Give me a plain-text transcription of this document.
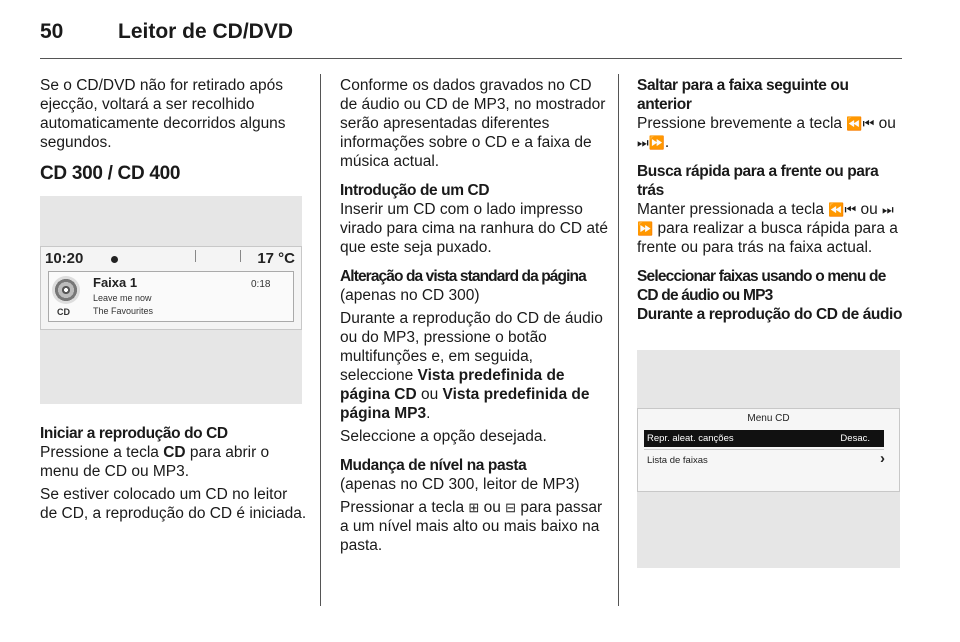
50	Leitor de CD/DVD

Se o CD/DVD não for retirado após ejecção, voltará a ser recolhido automaticamente decorridos alguns segundos.

CD 300 / CD 400

10:20	17 °C
CD
Faixa 1
Leave me now
The Favourites
0:18

Iniciar a reprodução do CD

Pressione a tecla CD para abrir o menu de CD ou MP3.

Se estiver colocado um CD no leitor de CD, a reprodução do CD é iniciada.

Conforme os dados gravados no CD de áudio ou CD de MP3, no mostrador serão apresentadas diferentes informações sobre o CD e a faixa de música actual.

Introdução de um CD

Inserir um CD com o lado impresso virado para cima na ranhura do CD até que este seja puxado.

Alteração da vista standard da página

(apenas no CD 300)

Durante a reprodução do CD de áudio ou do MP3, pressione o botão multifunções e, em seguida, seleccione Vista predefinida de página CD ou Vista predefinida de página MP3.

Seleccione a opção desejada.

Mudança de nível na pasta

(apenas no CD 300, leitor de MP3)

Pressionar a tecla ⊞ ou ⊟ para passar a um nível mais alto ou mais baixo na pasta.

Saltar para a faixa seguinte ou anterior

Pressione brevemente a tecla ⏪⏮ ou ⏭⏩.

Busca rápida para a frente ou para trás

Manter pressionada a tecla ⏪⏮ ou ⏭⏩ para realizar a busca rápida para a frente ou para trás na faixa actual.

Seleccionar faixas usando o menu de CD de áudio ou MP3

Durante a reprodução do CD de áudio

Menu CD
Repr. aleat. canções	Desac.
Lista de faixas	›
